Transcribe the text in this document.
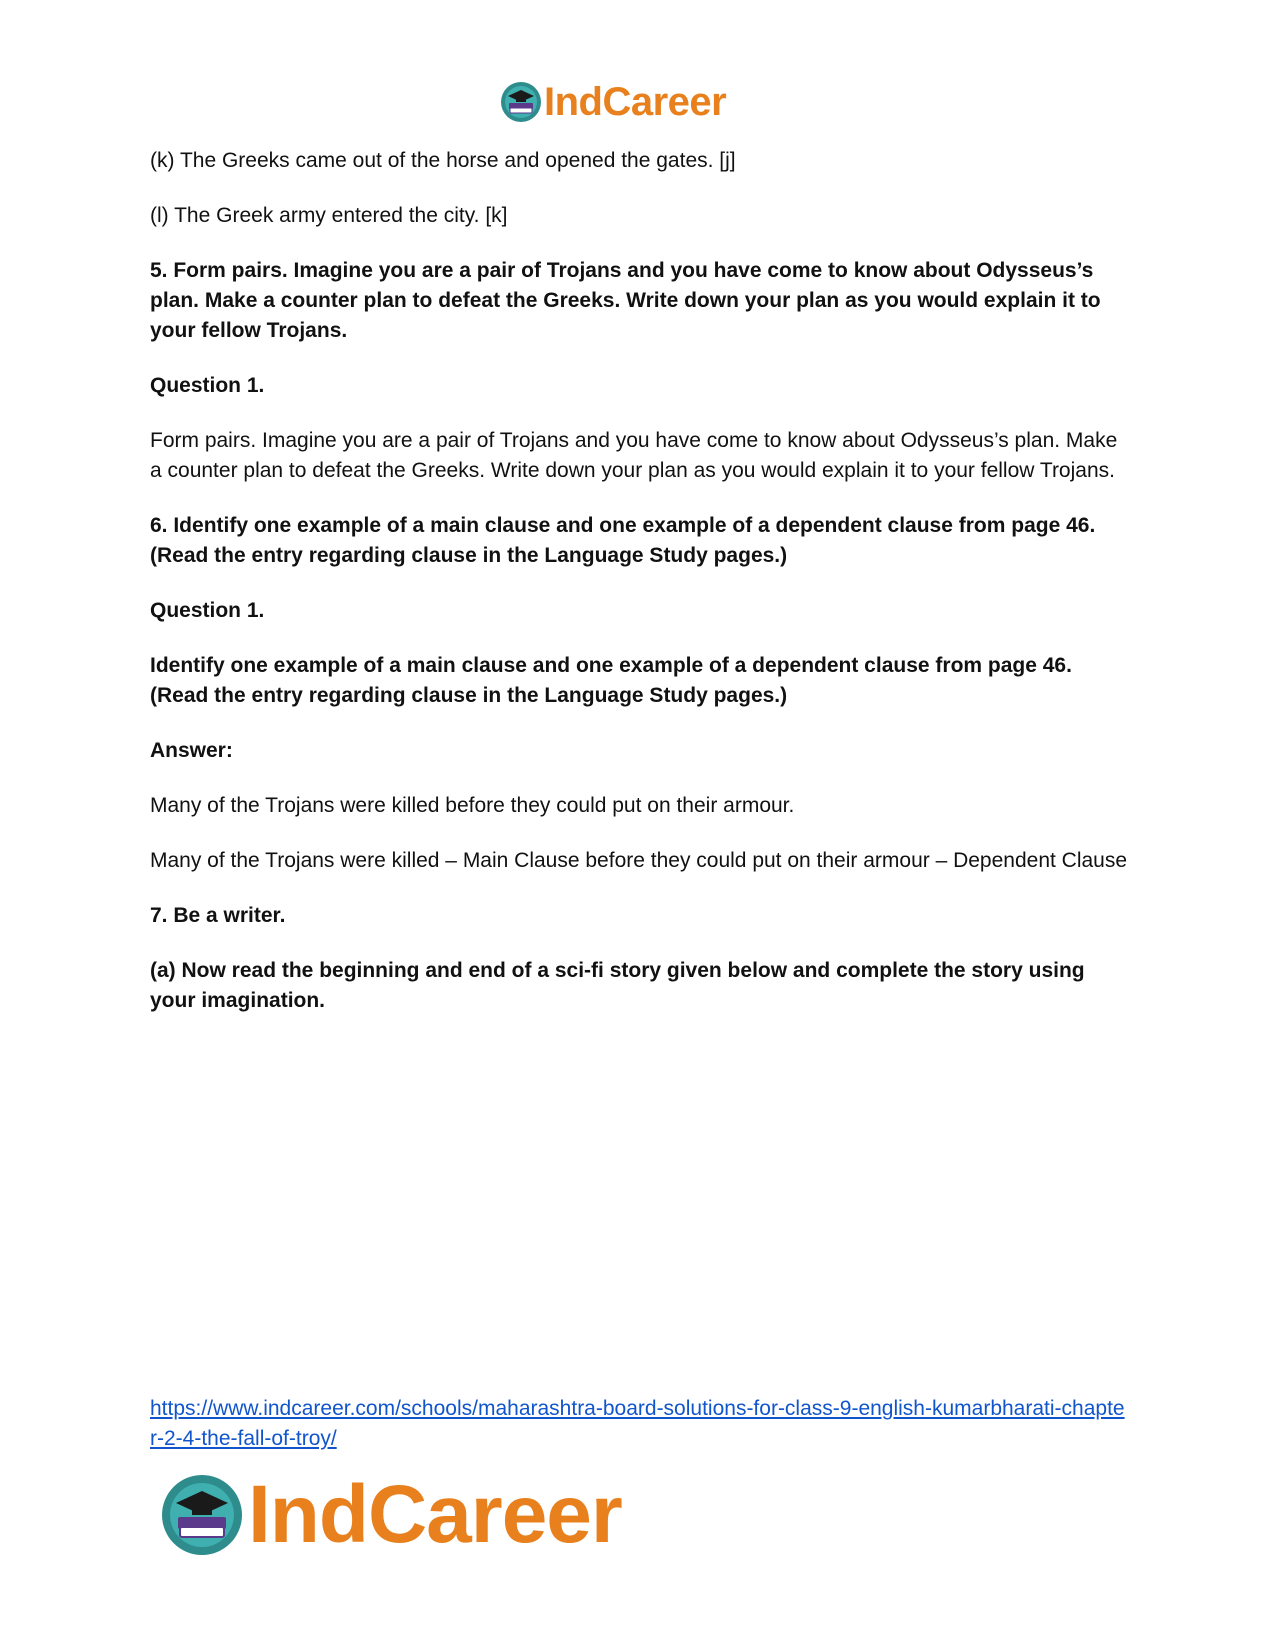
IndCareer

(k) The Greeks came out of the horse and opened the gates. [j]

(l) The Greek army entered the city. [k]

5. Form pairs. Imagine you are a pair of Trojans and you have come to know about Odysseus’s plan. Make a counter plan to defeat the Greeks. Write down your plan as you would explain it to your fellow Trojans.

Question 1.

Form pairs. Imagine you are a pair of Trojans and you have come to know about Odysseus’s plan. Make a counter plan to defeat the Greeks. Write down your plan as you would explain it to your fellow Trojans.

6. Identify one example of a main clause and one example of a dependent clause from page 46. (Read the entry regarding clause in the Language Study pages.)

Question 1.

Identify one example of a main clause and one example of a dependent clause from page 46. (Read the entry regarding clause in the Language Study pages.)

Answer:

Many of the Trojans were killed before they could put on their armour.

Many of the Trojans were killed – Main Clause before they could put on their armour – Dependent Clause

7. Be a writer.

(a) Now read the beginning and end of a sci-fi story given below and complete the story using your imagination.

https://www.indcareer.com/schools/maharashtra-board-solutions-for-class-9-english-kumarbharati-chapter-2-4-the-fall-of-troy/
IndCareer
